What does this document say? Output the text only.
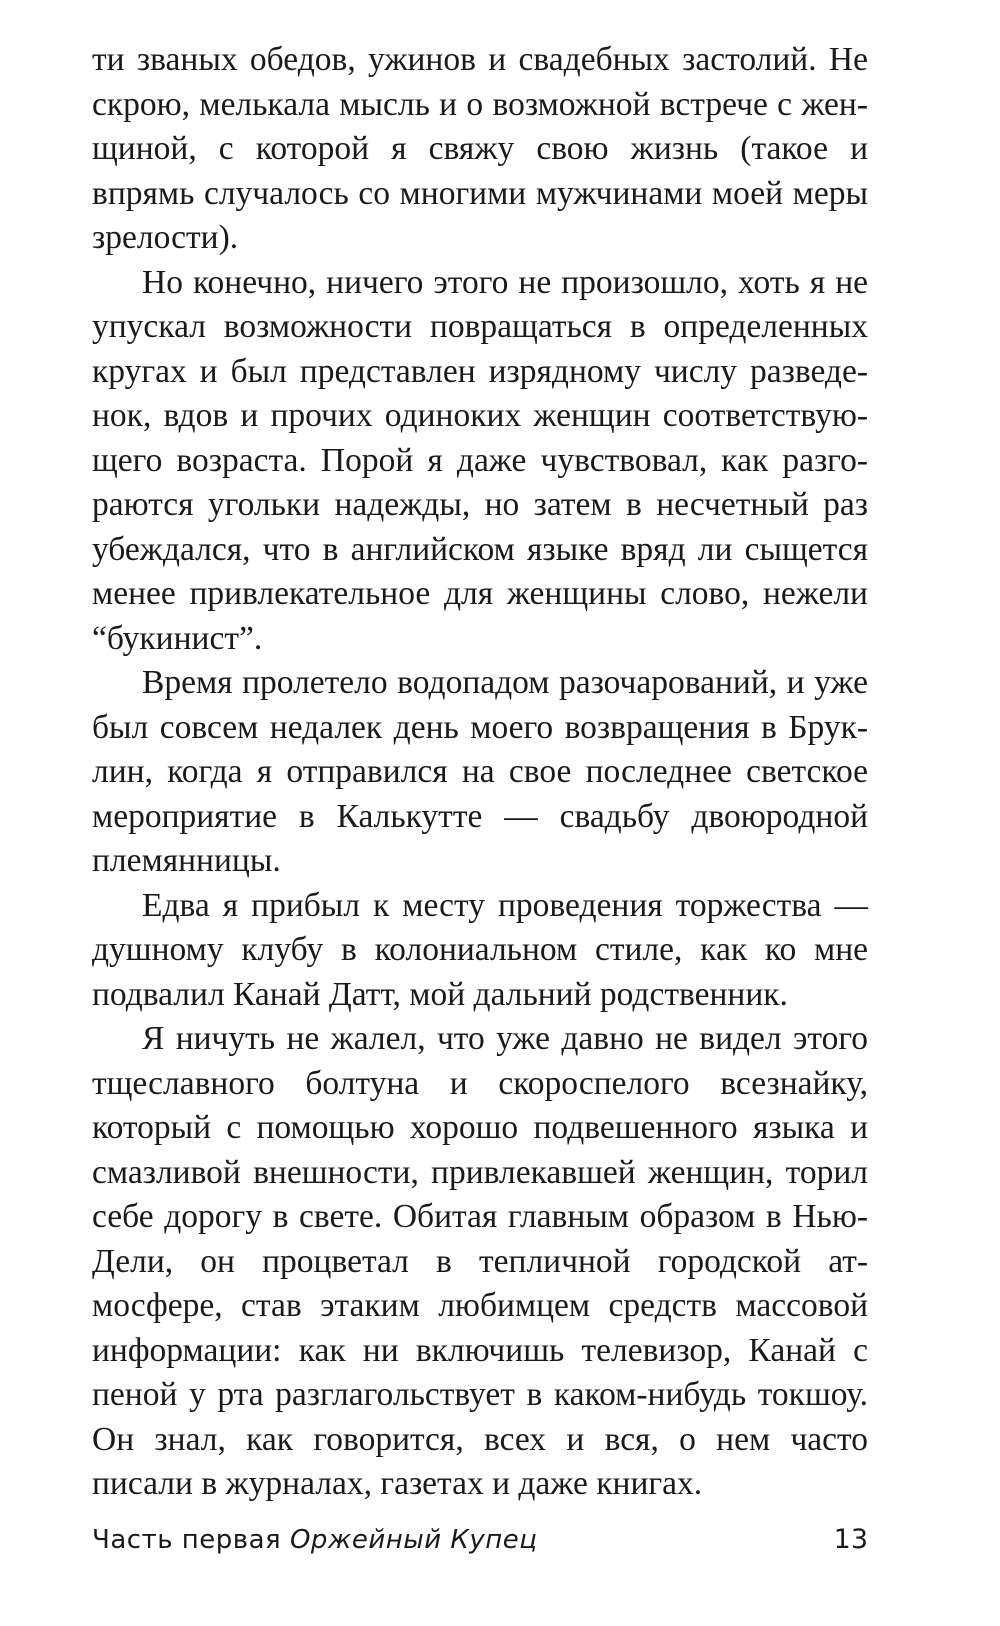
ти званых обедов, ужинов и свадебных застолий. Не скрою, мелькала мысль и о возможной встрече с женщиной, с которой я свяжу свою жизнь (такое и впрямь случалось со многими мужчинами моей меры зрелости).

Но конечно, ничего этого не произошло, хоть я не упускал возможности повращаться в определенных кругах и был представлен изрядному числу разведенок, вдов и прочих одиноких женщин соответствующего возраста. Порой я даже чувствовал, как разгораются угольки надежды, но затем в несчетный раз убеждался, что в английском языке вряд ли сыщется менее привлекательное для женщины слово, нежели “букинист”.

Время пролетело водопадом разочарований, и уже был совсем недалек день моего возвращения в Бруклин, когда я отправился на свое последнее светское мероприятие в Калькутте — свадьбу двоюродной племянницы.

Едва я прибыл к месту проведения торжества — душному клубу в колониальном стиле, как ко мне подвалил Канай Датт, мой дальний родственник.

Я ничуть не жалел, что уже давно не видел этого тщеславного болтуна и скороспелого всезнайку, который с помощью хорошо подвешенного языка и смазливой внешности, привлекавшей женщин, торил себе дорогу в свете. Обитая главным образом в Нью-Дели, он процветал в тепличной городской атмосфере, став этаким любимцем средств массовой информации: как ни включишь телевизор, Канай с пеной у рта разглагольствует в каком-нибудь токшоу. Он знал, как говорится, всех и вся, о нем часто писали в журналах, газетах и даже книгах.

Часть первая Оржейный Купец	13
